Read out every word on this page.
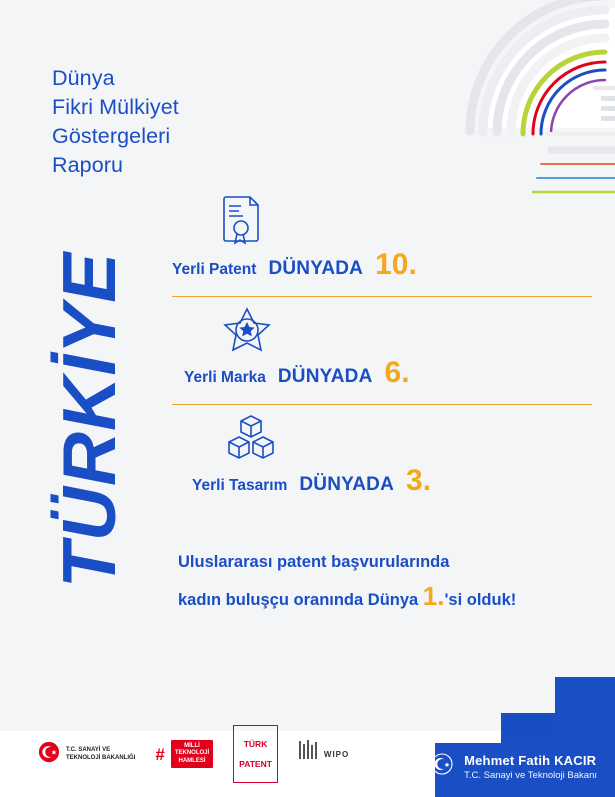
Dünya
Fikri Mülkiyet
Göstergeleri
Raporu
TÜRKİYE	Yerli Patent DÜNYADA 10.
Yerli Marka DÜNYADA 6.
Yerli Tasarım DÜNYADA 3.
Uluslararası patent başvurularında
kadın buluşçu oranında Dünya 1.'si olduk!
Mehmet Fatih KACIR
T.C. Sanayi ve Teknoloji Bakanı
T.C. SANAYİ VE
TEKNOLOJİ BAKANLIĞI #	MİLLİ
TEKNOLOJİ
HAMLESİ

TÜRK

PATENT

WIPO
